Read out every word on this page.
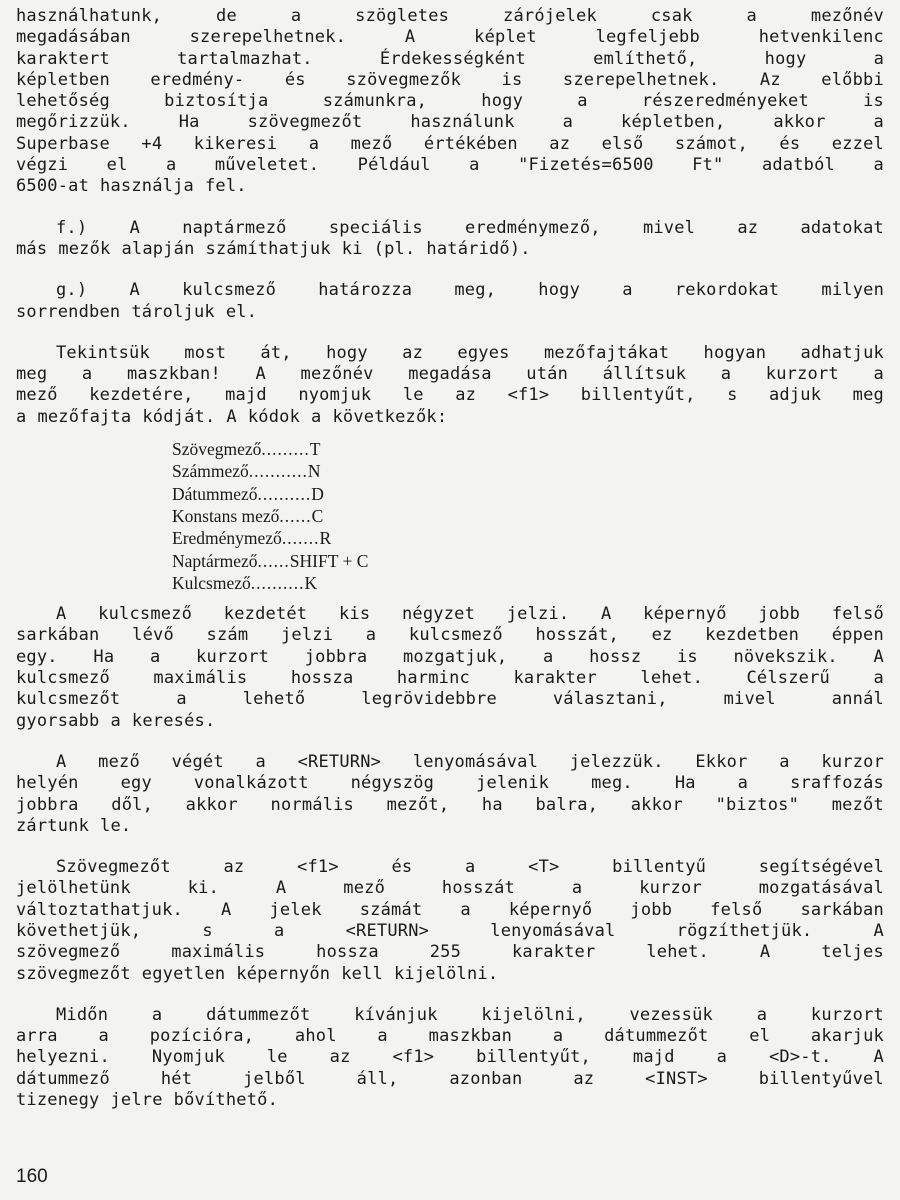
használhatunk,	de	a	szögletes	zárójelek	csak	a	mezőnév
megadásában	szerepelhetnek.	A	képlet	legfeljebb	hetvenkilenc
karaktert	tartalmazhat.	Érdekességként	említhető,	hogy	a
képletben eredmény- és szövegmezők is szerepelhetnek. Az előbbi
lehetőség	biztosítja	számunkra,	hogy	a	részeredményeket	is
megőrizzük.	Ha	szövegmezőt	használunk	a	képletben,	akkor	a
Superbase +4 kikeresi a mező értékében az első számot, és ezzel
végzi el a műveletet. Például a "Fizetés=6500 Ft" adatból a
6500-at használja fel.
f.) A naptármező speciális eredménymező, mivel az adatokat
más mezők alapján számíthatjuk ki (pl. határidő).
g.) A kulcsmező határozza meg, hogy a rekordokat milyen
sorrendben tároljuk el.
Tekintsük most át, hogy az egyes mezőfajtákat hogyan adhatjuk
meg a maszkban! A mezőnév megadása után állítsuk a kurzort a
mező kezdetére, majd nyomjuk le az <f1> billentyűt, s adjuk meg
a mezőfajta kódját. A kódok a következők:
Szövegmező.........T
Számmező...........N
Dátummező..........D
Konstans mező......C
Eredménymező.......R
Naptármező......SHIFT + C
Kulcsmező..........K
A kulcsmező kezdetét kis négyzet jelzi. A képernyő jobb felső
sarkában lévő szám jelzi a kulcsmező hosszát, ez kezdetben éppen
egy. Ha a kurzort jobbra mozgatjuk, a hossz is növekszik. A
kulcsmező	maximális	hossza	harminc	karakter	lehet.	Célszerű	a
kulcsmezőt	a	lehető	legrövidebbre	választani,	mivel	annál
gyorsabb a keresés.
A mező végét a <RETURN> lenyomásával jelezzük. Ekkor a kurzor
helyén egy vonalkázott négyszög jelenik meg. Ha a sraffozás
jobbra dől, akkor normális mezőt, ha balra, akkor "biztos" mezőt
zártunk le.
Szövegmezőt	az	<f1>	és	a	<T>	billentyű	segítségével
jelölhetünk	ki.	A	mező	hosszát	a	kurzor	mozgatásával
változtathatjuk. A jelek számát a képernyő jobb felső sarkában
követhetjük,	s	a	<RETURN>	lenyomásával	rögzíthetjük.	A
szövegmező	maximális	hossza	255	karakter	lehet.	A	teljes
szövegmezőt egyetlen képernyőn kell kijelölni.
Midőn	a	dátummezőt	kívánjuk	kijelölni,	vezessük	a	kurzort
arra a pozícióra, ahol a maszkban a dátummezőt el akarjuk
helyezni. Nyomjuk le az <f1> billentyűt, majd a <D>-t. A
dátummező	hét	jelből	áll,	azonban	az	<INST>	billentyűvel
tizenegy jelre bővíthető.
160
